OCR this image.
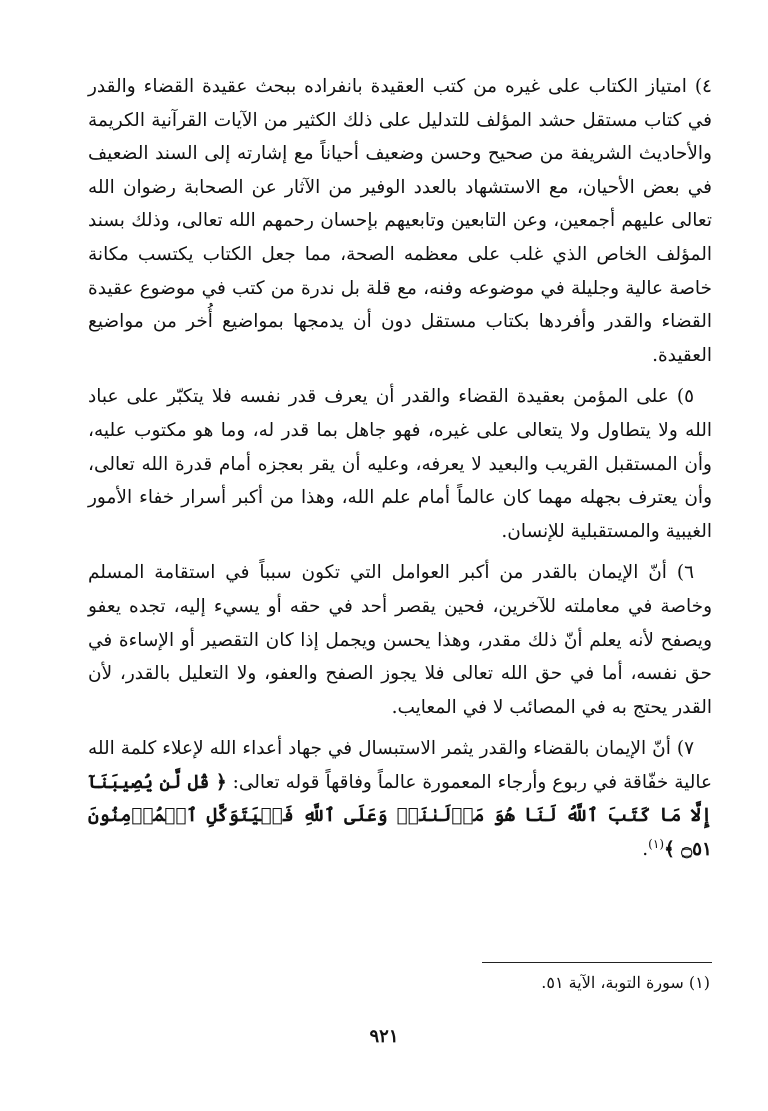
٤) امتياز الكتاب على غيره من كتب العقيدة بانفراده ببحث عقيدة القضاء والقدر في كتاب مستقل حشد المؤلف للتدليل على ذلك الكثير من الآيات القرآنية الكريمة والأحاديث الشريفة من صحيح وحسن وضعيف أحياناً مع إشارته إلى السند الضعيف في بعض الأحيان، مع الاستشهاد بالعدد الوفير من الآثار عن الصحابة رضوان الله تعالى عليهم أجمعين، وعن التابعين وتابعيهم بإحسان رحمهم الله تعالى، وذلك بسند المؤلف الخاص الذي غلب على معظمه الصحة، مما جعل الكتاب يكتسب مكانة خاصة عالية وجليلة في موضوعه وفنه، مع قلة بل ندرة من كتب في موضوع عقيدة القضاء والقدر وأفردها بكتاب مستقل دون أن يدمجها بمواضيع أُخر من مواضيع العقيدة.

٥) على المؤمن بعقيدة القضاء والقدر أن يعرف قدر نفسه فلا يتكبّر على عباد الله ولا يتطاول ولا يتعالى على غيره، فهو جاهل بما قدر له، وما هو مكتوب عليه، وأن المستقبل القريب والبعيد لا يعرفه، وعليه أن يقر بعجزه أمام قدرة الله تعالى، وأن يعترف بجهله مهما كان عالماً أمام علم الله، وهذا من أكبر أسرار خفاء الأمور الغيبية والمستقبلية للإنسان.

٦) أنّ الإيمان بالقدر من أكبر العوامل التي تكون سبباً في استقامة المسلم وخاصة في معاملته للآخرين، فحين يقصر أحد في حقه أو يسيء إليه، تجده يعفو ويصفح لأنه يعلم أنّ ذلك مقدر، وهذا يحسن ويجمل إذا كان التقصير أو الإساءة في حق نفسه، أما في حق الله تعالى فلا يجوز الصفح والعفو، ولا التعليل بالقدر، لأن القدر يحتج به في المصائب لا في المعايب.

٧) أنّ الإيمان بالقضاء والقدر يثمر الاستبسال في جهاد أعداء الله لإعلاء كلمة الله عالية خفّاقة في ربوع وأرجاء المعمورة عالماً وفاقهاً قوله تعالى: ﴿ قُل لَّن يُصِيبَنَآ إِلَّا مَا كَتَبَ ٱللَّهُ لَنَا هُوَ مَوۡلَىٰنَاۚ وَعَلَى ٱللَّهِ فَلۡيَتَوَكَّلِ ٱلۡمُؤۡمِنُونَ ۝٥١ ﴾$^{(١)}$.

(١) سورة التوبة، الآية ٥١.
٩٢١
